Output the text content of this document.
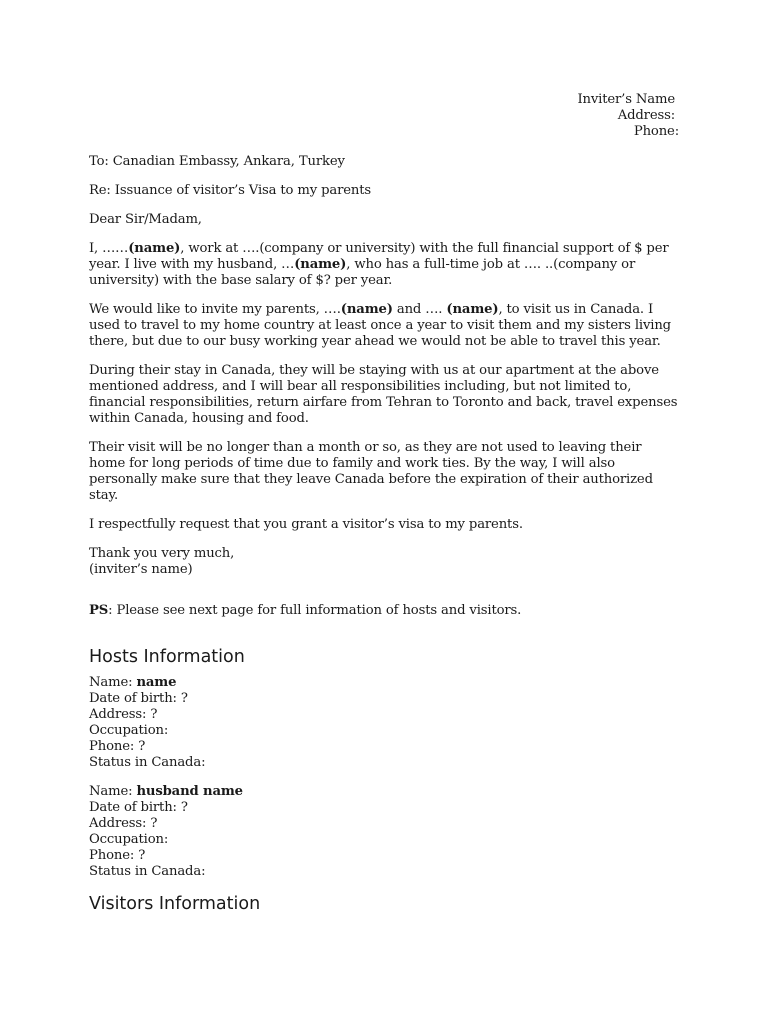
Inviter’s Name
Address:
Phone:

To: Canadian Embassy, Ankara, Turkey

Re: Issuance of visitor’s Visa to my parents

Dear Sir/Madam,

I, ……(name), work at ….(company or university) with the full financial support of $ per year. I live with my husband, …(name), who has a full-time job at …. ..(company or university) with the base salary of $? per year.

We would like to invite my parents, ….(name) and …. (name), to visit us in Canada. I used to travel to my home country at least once a year to visit them and my sisters living there, but due to our busy working year ahead we would not be able to travel this year.

During their stay in Canada, they will be staying with us at our apartment at the above mentioned address, and I will bear all responsibilities including, but not limited to, financial responsibilities, return airfare from Tehran to Toronto and back, travel expenses within Canada, housing and food.

Their visit will be no longer than a month or so, as they are not used to leaving their home for long periods of time due to family and work ties. By the way, I will also personally make sure that they leave Canada before the expiration of their authorized stay.

I respectfully request that you grant a visitor’s visa to my parents.

Thank you very much,
(inviter’s name)

PS: Please see next page for full information of hosts and visitors.

Hosts Information
Name: name
Date of birth: ?
Address: ?
Occupation:
Phone: ?
Status in Canada:
Name: husband name
Date of birth: ?
Address: ?
Occupation:
Phone: ?
Status in Canada:
Visitors Information
